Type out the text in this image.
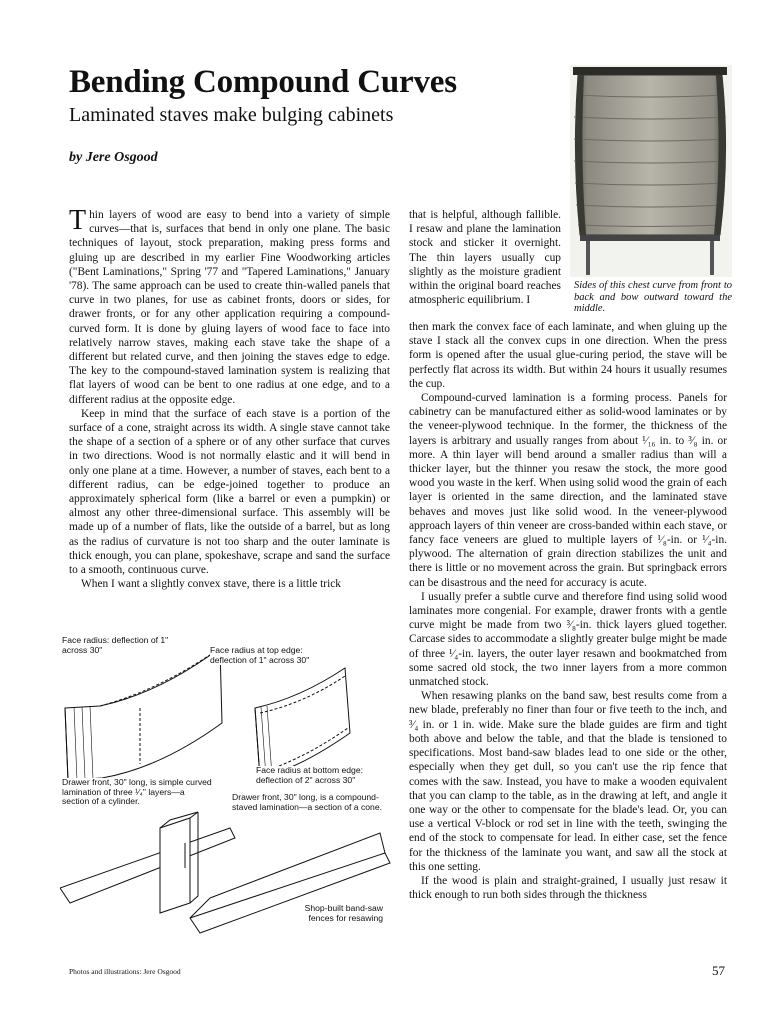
Bending Compound Curves
Laminated staves make bulging cabinets
by Jere Osgood
Sides of this chest curve from front to back and bow outward toward the middle.

Thin layers of wood are easy to bend into a variety of simple curves—that is, surfaces that bend in only one plane. The basic techniques of layout, stock preparation, making press forms and gluing up are described in my earlier Fine Woodworking articles ("Bent Laminations," Spring '77 and "Tapered Laminations," January '78). The same approach can be used to create thin-walled panels that curve in two planes, for use as cabinet fronts, doors or sides, for drawer fronts, or for any other application requiring a compound-curved form. It is done by gluing layers of wood face to face into relatively narrow staves, making each stave take the shape of a different but related curve, and then joining the staves edge to edge. The key to the compound-staved lamination system is realizing that flat layers of wood can be bent to one radius at one edge, and to a different radius at the opposite edge.

Keep in mind that the surface of each stave is a portion of the surface of a cone, straight across its width. A single stave cannot take the shape of a section of a sphere or of any other surface that curves in two directions. Wood is not normally elastic and it will bend in only one plane at a time. However, a number of staves, each bent to a different radius, can be edge-joined together to produce an approximately spherical form (like a barrel or even a pumpkin) or almost any other three-dimensional surface. This assembly will be made up of a number of flats, like the outside of a barrel, but as long as the radius of curvature is not too sharp and the outer laminate is thick enough, you can plane, spokeshave, scrape and sand the surface to a smooth, continuous curve.

When I want a slightly convex stave, there is a little trick

that is helpful, although fallible. I resaw and plane the lamination stock and sticker it overnight. The thin layers usually cup slightly as the moisture gradient within the original board reaches atmospheric equilibrium. I

then mark the convex face of each laminate, and when gluing up the stave I stack all the convex cups in one direction. When the press form is opened after the usual glue-curing period, the stave will be perfectly flat across its width. But within 24 hours it usually resumes the cup.

Compound-curved lamination is a forming process. Panels for cabinetry can be manufactured either as solid-wood laminates or by the veneer-plywood technique. In the former, the thickness of the layers is arbitrary and usually ranges from about ¹⁄₁₆ in. to ³⁄₈ in. or more. A thin layer will bend around a smaller radius than will a thicker layer, but the thinner you resaw the stock, the more good wood you waste in the kerf. When using solid wood the grain of each layer is oriented in the same direction, and the laminated stave behaves and moves just like solid wood. In the veneer-plywood approach layers of thin veneer are cross-banded within each stave, or fancy face veneers are glued to multiple layers of ¹⁄₈-in. or ¹⁄₄-in. plywood. The alternation of grain direction stabilizes the unit and there is little or no movement across the grain. But springback errors can be disastrous and the need for accuracy is acute.

I usually prefer a subtle curve and therefore find using solid wood laminates more congenial. For example, drawer fronts with a gentle curve might be made from two ³⁄₈-in. thick layers glued together. Carcase sides to accommodate a slightly greater bulge might be made of three ¹⁄₄-in. layers, the outer layer resawn and bookmatched from some sacred old stock, the two inner layers from a more common unmatched stock.

When resawing planks on the band saw, best results come from a new blade, preferably no finer than four or five teeth to the inch, and ³⁄₄ in. or 1 in. wide. Make sure the blade guides are firm and tight both above and below the table, and that the blade is tensioned to specifications. Most band-saw blades lead to one side or the other, especially when they get dull, so you can't use the rip fence that comes with the saw. Instead, you have to make a wooden equivalent that you can clamp to the table, as in the drawing at left, and angle it one way or the other to compensate for the blade's lead. Or, you can use a vertical V-block or rod set in line with the teeth, swinging the end of the stock to compensate for lead. In either case, set the fence for the thickness of the laminate you want, and saw all the stock at this one setting.

If the wood is plain and straight-grained, I usually just resaw it thick enough to run both sides through the thickness

Face radius: deflection of 1" across 30"	Face radius at top edge: deflection of 1" across 30"
Face radius at bottom edge: deflection of 2" across 30"
Drawer front, 30" long, is simple curved lamination of three ¹⁄₄" layers—a section of a cylinder.	Drawer front, 30" long, is a compound-staved lamination—a section of a cone.
Shop-built band-saw fences for resawing
Photos and illustrations: Jere Osgood	57
